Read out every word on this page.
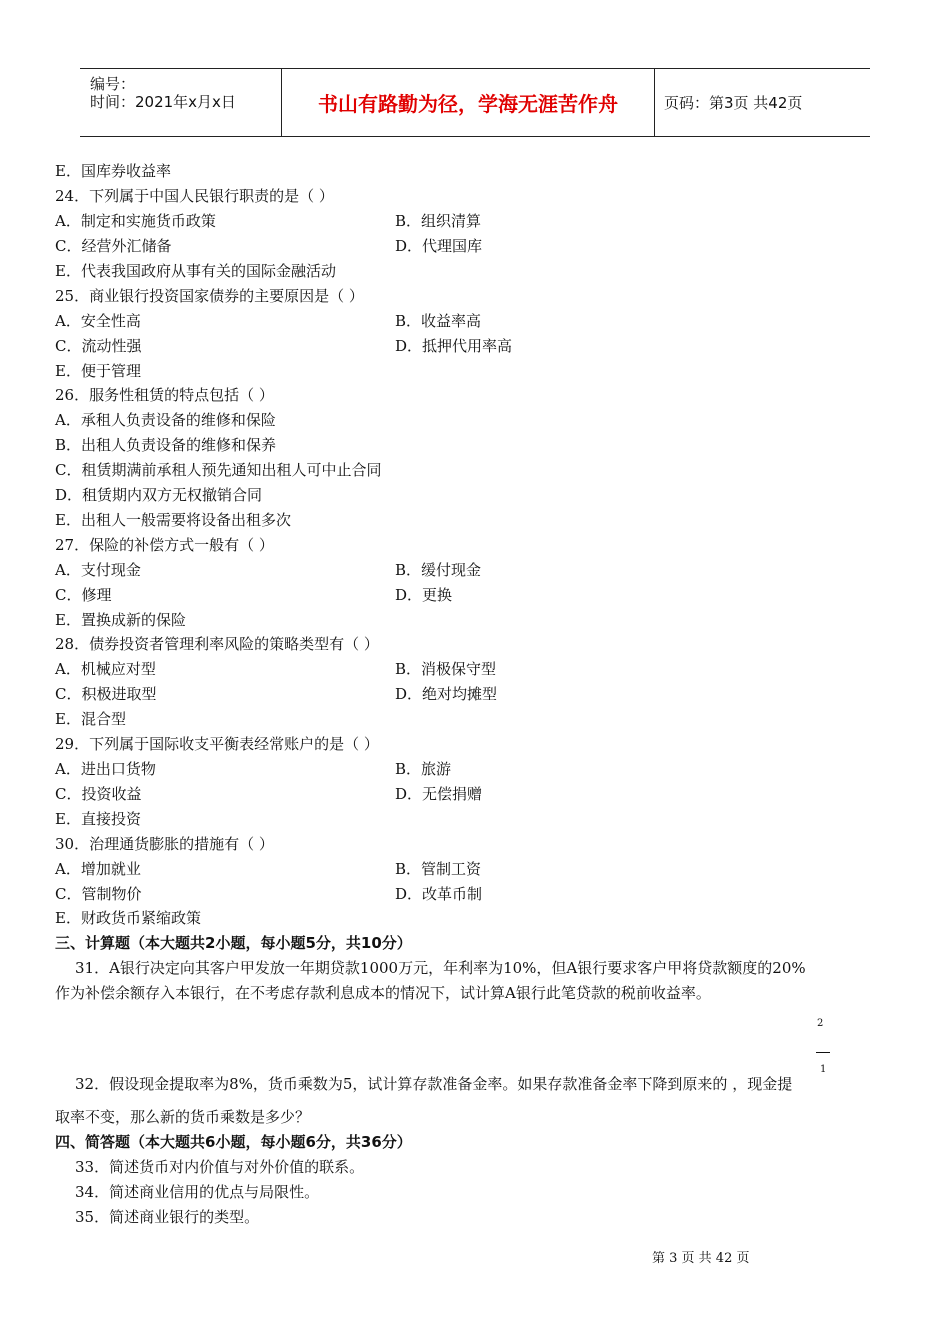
编号：
时间：2021年x月x日	书山有路勤为径，学海无涯苦作舟	页码：第3页 共42页
E．国库券收益率
24．下列属于中国人民银行职责的是（ ）
A．制定和实施货币政策	B．组织清算
C．经营外汇储备	D．代理国库
E．代表我国政府从事有关的国际金融活动
25．商业银行投资国家债券的主要原因是（ ）
A．安全性高	B．收益率高
C．流动性强	D．抵押代用率高
E．便于管理
26．服务性租赁的特点包括（ ）
A．承租人负责设备的维修和保险
B．出租人负责设备的维修和保养
C．租赁期满前承租人预先通知出租人可中止合同
D．租赁期内双方无权撤销合同
E．出租人一般需要将设备出租多次
27．保险的补偿方式一般有（ ）
A．支付现金	B．缓付现金
C．修理	D．更换
E．置换成新的保险
28．债券投资者管理利率风险的策略类型有（ ）
A．机械应对型	B．消极保守型
C．积极进取型	D．绝对均摊型
E．混合型
29．下列属于国际收支平衡表经常账户的是（ ）
A．进出口货物	B．旅游
C．投资收益	D．无偿捐赠
E．直接投资
30．治理通货膨胀的措施有（ ）
A．增加就业	B．管制工资
C．管制物价	D．改革币制
E．财政货币紧缩政策
三、计算题（本大题共2小题，每小题5分，共10分）
31．A银行决定向其客户甲发放一年期贷款1000万元，年利率为10%，但A银行要求客户甲将贷款额度的20%
作为补偿余额存入本银行，在不考虑存款利息成本的情况下，试计算A银行此笔贷款的税前收益率。
32．假设现金提取率为8%，货币乘数为5，试计算存款准备金率。如果存款准备金率下降到原来的 ，现金提
取率不变，那么新的货币乘数是多少？
四、简答题（本大题共6小题，每小题6分，共36分）
33．简述货币对内价值与对外价值的联系。
34．简述商业信用的优点与局限性。
35．简述商业银行的类型。
2
1
第 3 页 共 42 页
